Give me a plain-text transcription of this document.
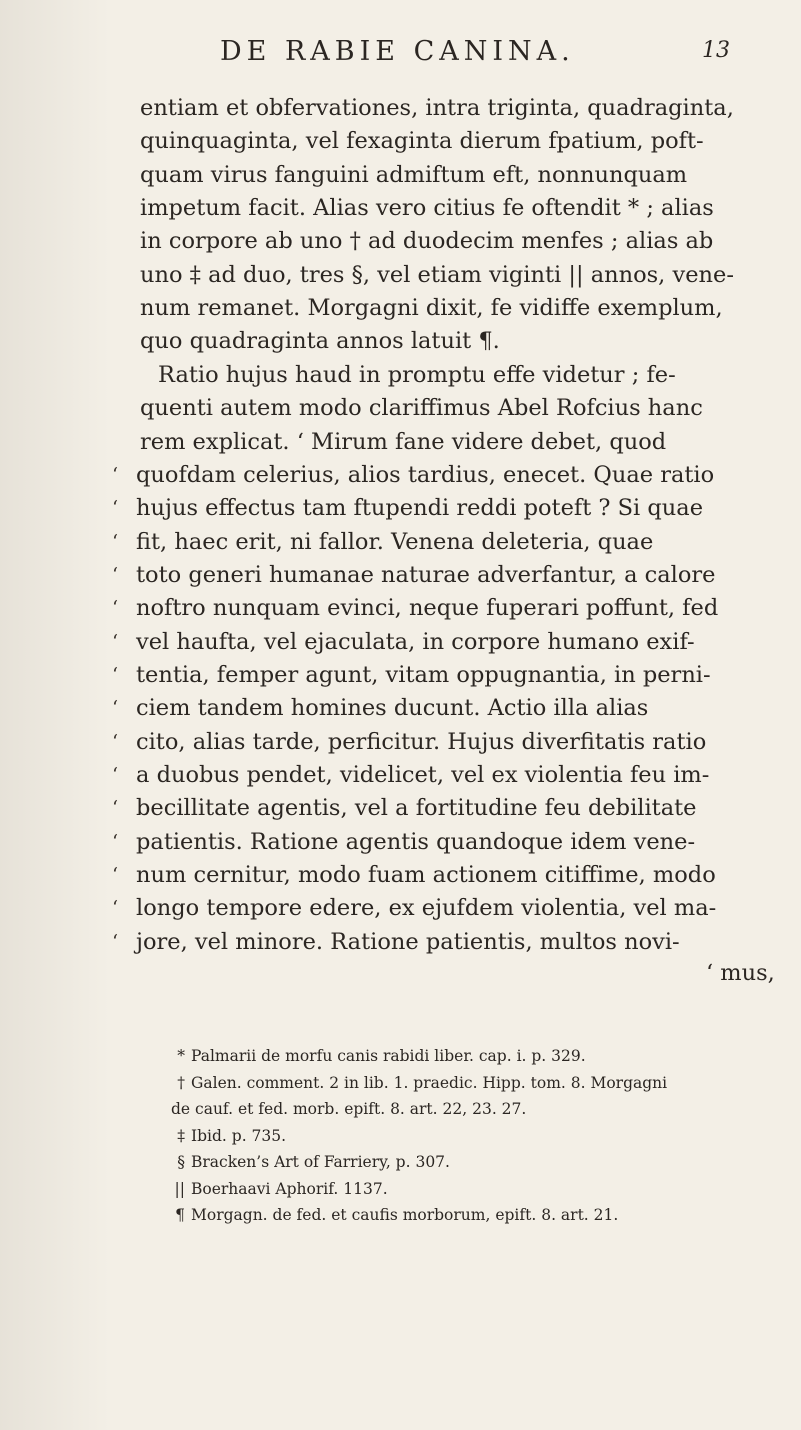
DE RABIE CANINA.	13
entiam et obfervationes, intra triginta, quadraginta,
quinquaginta, vel fexaginta dierum fpatium, poft-
quam virus fanguini admiftum eft, nonnunquam
impetum facit. Alias vero citius fe oftendit * ; alias
in corpore ab uno † ad duodecim menfes ; alias ab
uno ‡ ad duo, tres §, vel etiam viginti || annos, vene-
num remanet. Morgagni dixit, fe vidiffe exemplum,
quo quadraginta annos latuit ¶.
Ratio hujus haud in promptu effe videtur ; fe-
quenti autem modo clariffimus Abel Rofcius hanc
rem explicat. ‘ Mirum fane videre debet, quod
‘ quofdam celerius, alios tardius, enecet. Quae ratio
‘ hujus effectus tam ftupendi reddi poteft ? Si quae
‘ fit, haec erit, ni fallor. Venena deleteria, quae
‘ toto generi humanae naturae adverfantur, a calore
‘ noftro nunquam evinci, neque fuperari poffunt, fed
‘ vel haufta, vel ejaculata, in corpore humano exif-
‘ tentia, femper agunt, vitam oppugnantia, in perni-
‘ ciem tandem homines ducunt. Actio illa alias
‘ cito, alias tarde, perficitur. Hujus diverfitatis ratio
‘ a duobus pendet, videlicet, vel ex violentia feu im-
‘ becillitate agentis, vel a fortitudine feu debilitate
‘ patientis. Ratione agentis quandoque idem vene-
‘ num cernitur, modo fuam actionem citiffime, modo
‘ longo tempore edere, ex ejufdem violentia, vel ma-
‘ jore, vel minore. Ratione patientis, multos novi-
‘ mus,
* Palmarii de morfu canis rabidi liber. cap. i. p. 329.
† Galen. comment. 2 in lib. 1. praedic. Hipp. tom. 8. Morgagni
de cauf. et fed. morb. epift. 8. art. 22, 23. 27.
‡ Ibid. p. 735.
§ Bracken’s Art of Farriery, p. 307.
|| Boerhaavi Aphorif. 1137.
¶ Morgagn. de fed. et caufis morborum, epift. 8. art. 21.
